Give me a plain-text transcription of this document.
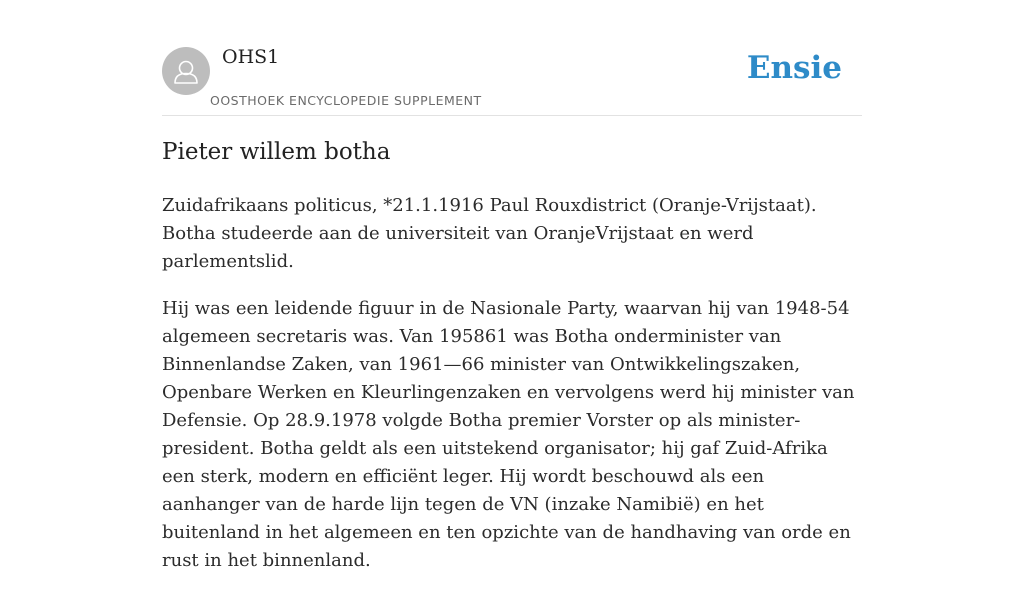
OHS1
OOSTHOEK ENCYCLOPEDIE SUPPLEMENT
Ensie
Pieter willem botha

Zuidafrikaans politicus, *21.1.1916 Paul Rouxdistrict (Oranje-Vrijstaat). Botha studeerde aan de universiteit van OranjeVrijstaat en werd parlementslid.

Hij was een leidende figuur in de Nasionale Party, waarvan hij van 1948-54 algemeen secretaris was. Van 195861 was Botha onderminister van Binnenlandse Zaken, van 1961—66 minister van Ontwikkelingszaken, Openbare Werken en Kleurlingenzaken en vervolgens werd hij minister van Defensie. Op 28.9.1978 volgde Botha premier Vorster op als minister-president. Botha geldt als een uitstekend organisator; hij gaf Zuid-Afrika een sterk, modern en efficiënt leger. Hij wordt beschouwd als een aanhanger van de harde lijn tegen de VN (inzake Namibië) en het buitenland in het algemeen en ten opzichte van de handhaving van orde en rust in het binnenland.
